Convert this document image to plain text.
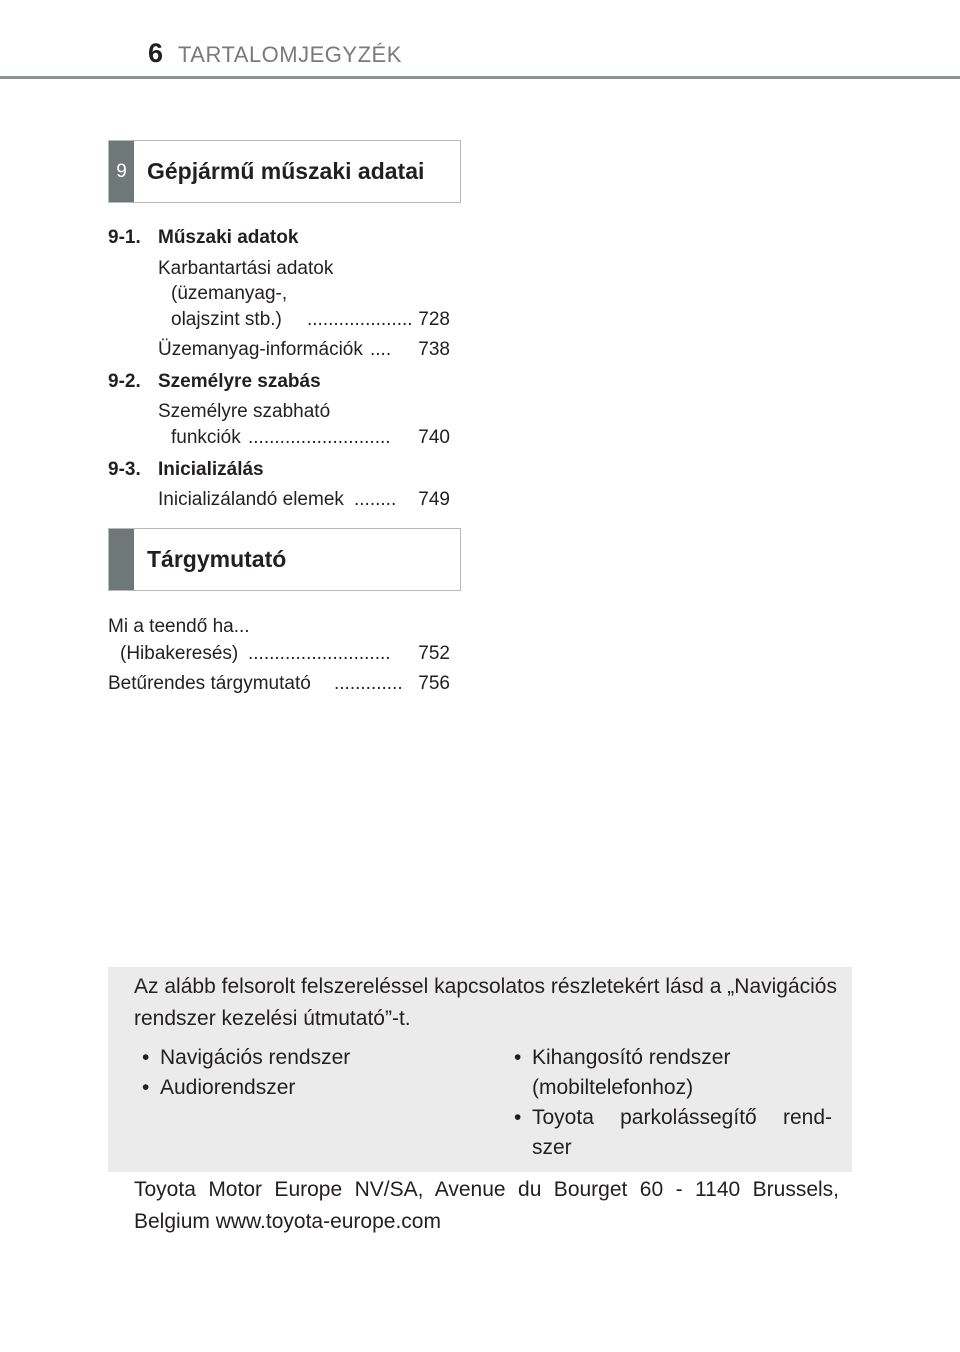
6 TARTALOMJEGYZÉK
9 Gépjármű műszaki adatai
9-1. Műszaki adatok
Karbantartási adatok
(üzemanyag-,
olajszint stb.) .................... 728
Üzemanyag-információk ....	738
9-2. Személyre szabás
Személyre szabható
funkciók ...........................	740
9-3. Inicializálás
Inicializálandó elemek ........	749
Tárgymutató
Mi a teendő ha...
(Hibakeresés) ...........................	752
Betűrendes tárgymutató ............. 756
Az alább felsorolt felszereléssel kapcsolatos részletekért lásd a „Navigációs rendszer kezelési útmutató”-t.
• Navigációs rendszer
• Audiorendszer
• Kihangosító rendszer
(mobiltelefonhoz)
• Toyota parkolássegítő rend-
szer
Toyota Motor Europe NV/SA, Avenue du Bourget 60 - 1140 Brussels, Belgium www.toyota-europe.com
